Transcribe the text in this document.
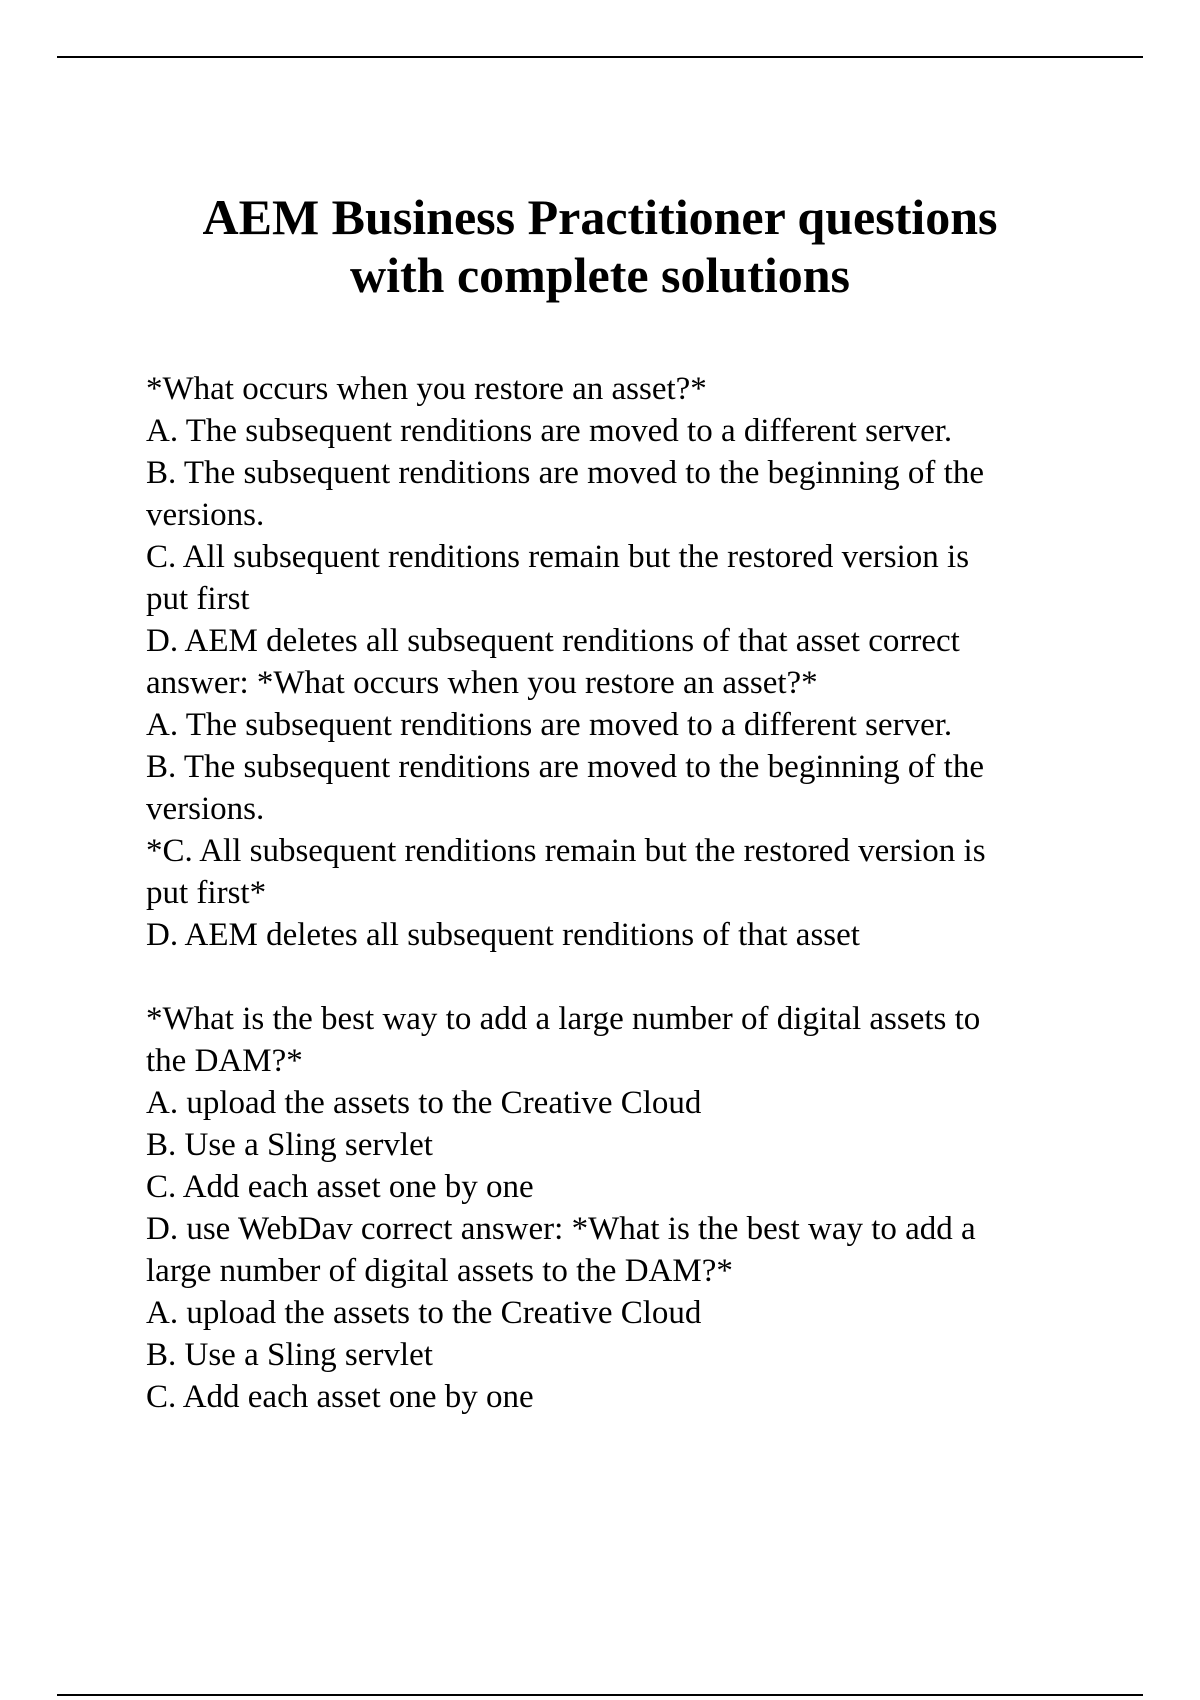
AEM Business Practitioner questions
with complete solutions
*What occurs when you restore an asset?*
A. The subsequent renditions are moved to a different server.
B. The subsequent renditions are moved to the beginning of the
versions.
C. All subsequent renditions remain but the restored version is
put first
D. AEM deletes all subsequent renditions of that asset correct
answer: *What occurs when you restore an asset?*
A. The subsequent renditions are moved to a different server.
B. The subsequent renditions are moved to the beginning of the
versions.
*C. All subsequent renditions remain but the restored version is
put first*
D. AEM deletes all subsequent renditions of that asset
*What is the best way to add a large number of digital assets to
the DAM?*
A. upload the assets to the Creative Cloud
B. Use a Sling servlet
C. Add each asset one by one
D. use WebDav correct answer: *What is the best way to add a
large number of digital assets to the DAM?*
A. upload the assets to the Creative Cloud
B. Use a Sling servlet
C. Add each asset one by one
